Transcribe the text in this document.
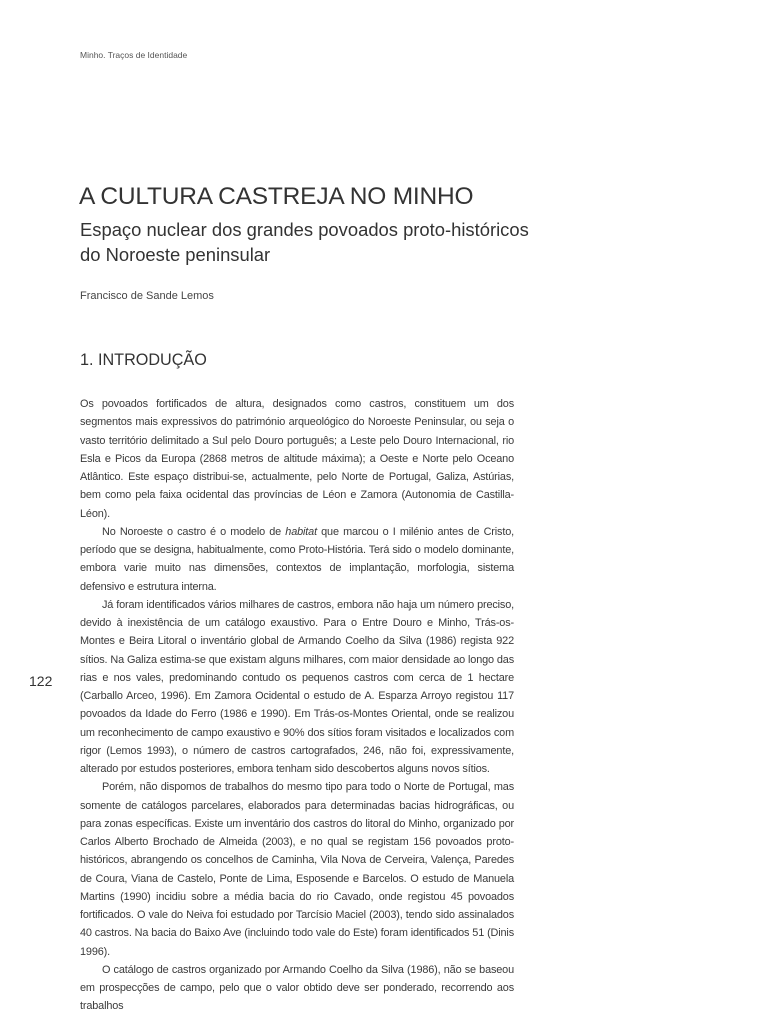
Minho. Traços de Identidade
A CULTURA CASTREJA NO MINHO
Espaço nuclear dos grandes povoados proto-históricos do Noroeste peninsular
Francisco de Sande Lemos
1. INTRODUÇÃO

Os povoados fortificados de altura, designados como castros, constituem um dos segmentos mais expressivos do património arqueológico do Noroeste Peninsular, ou seja o vasto território delimitado a Sul pelo Douro português; a Leste pelo Douro Internacional, rio Esla e Picos da Europa (2868 metros de altitude máxima); a Oeste e Norte pelo Oceano Atlântico. Este espaço distribui-se, actualmente, pelo Norte de Portugal, Galiza, Astúrias, bem como pela faixa ocidental das províncias de Léon e Zamora (Autonomia de Castilla-Léon).

No Noroeste o castro é o modelo de habitat que marcou o I milénio antes de Cristo, período que se designa, habitualmente, como Proto-História. Terá sido o modelo dominante, embora varie muito nas dimensões, contextos de implantação, morfologia, sistema defensivo e estrutura interna.

Já foram identificados vários milhares de castros, embora não haja um número preciso, devido à inexistência de um catálogo exaustivo. Para o Entre Douro e Minho, Trás-os-Montes e Beira Litoral o inventário global de Armando Coelho da Silva (1986) regista 922 sítios. Na Galiza estima-se que existam alguns milhares, com maior densidade ao longo das rias e nos vales, predominando contudo os pequenos castros com cerca de 1 hectare (Carballo Arceo, 1996). Em Zamora Ocidental o estudo de A. Esparza Arroyo registou 117 povoados da Idade do Ferro (1986 e 1990). Em Trás-os-Montes Oriental, onde se realizou um reconhecimento de campo exaustivo e 90% dos sítios foram visitados e localizados com rigor (Lemos 1993), o número de castros cartografados, 246, não foi, expressivamente, alterado por estudos posteriores, embora tenham sido descobertos alguns novos sítios.

Porém, não dispomos de trabalhos do mesmo tipo para todo o Norte de Portugal, mas somente de catálogos parcelares, elaborados para determinadas bacias hidrográficas, ou para zonas específicas. Existe um inventário dos castros do litoral do Minho, organizado por Carlos Alberto Brochado de Almeida (2003), e no qual se registam 156 povoados proto-históricos, abrangendo os concelhos de Caminha, Vila Nova de Cerveira, Valença, Paredes de Coura, Viana de Castelo, Ponte de Lima, Esposende e Barcelos. O estudo de Manuela Martins (1990) incidiu sobre a média bacia do rio Cavado, onde registou 45 povoados fortificados. O vale do Neiva foi estudado por Tarcísio Maciel (2003), tendo sido assinalados 40 castros. Na bacia do Baixo Ave (incluindo todo vale do Este) foram identificados 51 (Dinis 1996).

O catálogo de castros organizado por Armando Coelho da Silva (1986), não se baseou em prospecções de campo, pelo que o valor obtido deve ser ponderado, recorrendo aos trabalhos

122
